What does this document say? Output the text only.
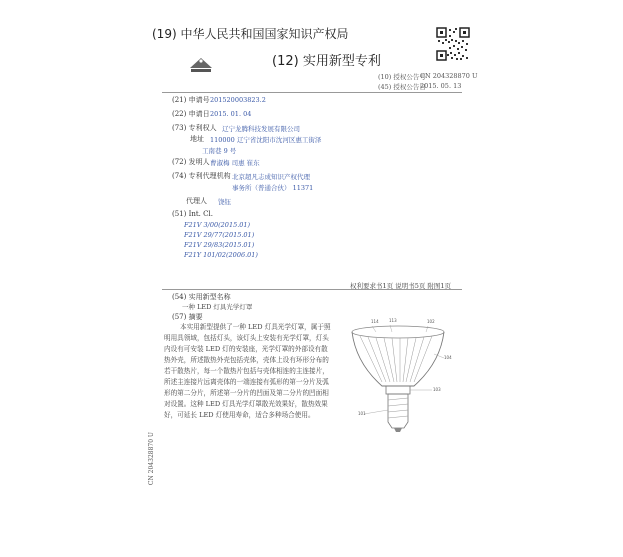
(19) 中华人民共和国国家知识产权局
(12) 实用新型专利
(10) 授权公告号
CN 204328870 U
(45) 授权公告日
2015. 05. 13
(21) 申请号 201520003823.2
(22) 申请日 2015. 01. 04
(73) 专利权人 辽宁龙腾科技发展有限公司
地址 110000 辽宁省沈阳市沈河区惠工街泽
工南巷 9 号
(72) 发明人 曹淑梅 司惠 崔东
(74) 专利代理机构 北京超凡志成知识产权代理
事务所（普通合伙） 11371
代理人 饶钰
(51) Int. Cl.
F21V 3/00(2015.01)
F21V 29/77(2015.01)
F21V 29/83(2015.01)
F21Y 101/02(2006.01)
权利要求书1页 说明书5页 附图1页
(54) 实用新型名称
一种 LED 灯具光学灯罩
(57) 摘要
本实用新型提供了一种 LED 灯具光学灯罩，属于照明用具领域，包括灯头，该灯头上安装有光学灯罩，灯头内设有可安装 LED 灯的安装座，光学灯罩的外部设有散热外壳，所述散热外壳包括壳体，壳体上设有环形分布的若干散热片，每一个散热片包括与壳体相连的主连接片，所述主连接片远离壳体的一端连接有弧形的第一分片及弧形的第二分片，所述第一分片的凹面及第二分片的凹面相对设置。这种 LED 灯具光学灯罩散光效果好，散热效果好，可延长 LED 灯使用寿命，适合多种场合使用。
114	113	102
104
103
101
CN 204328870 U
